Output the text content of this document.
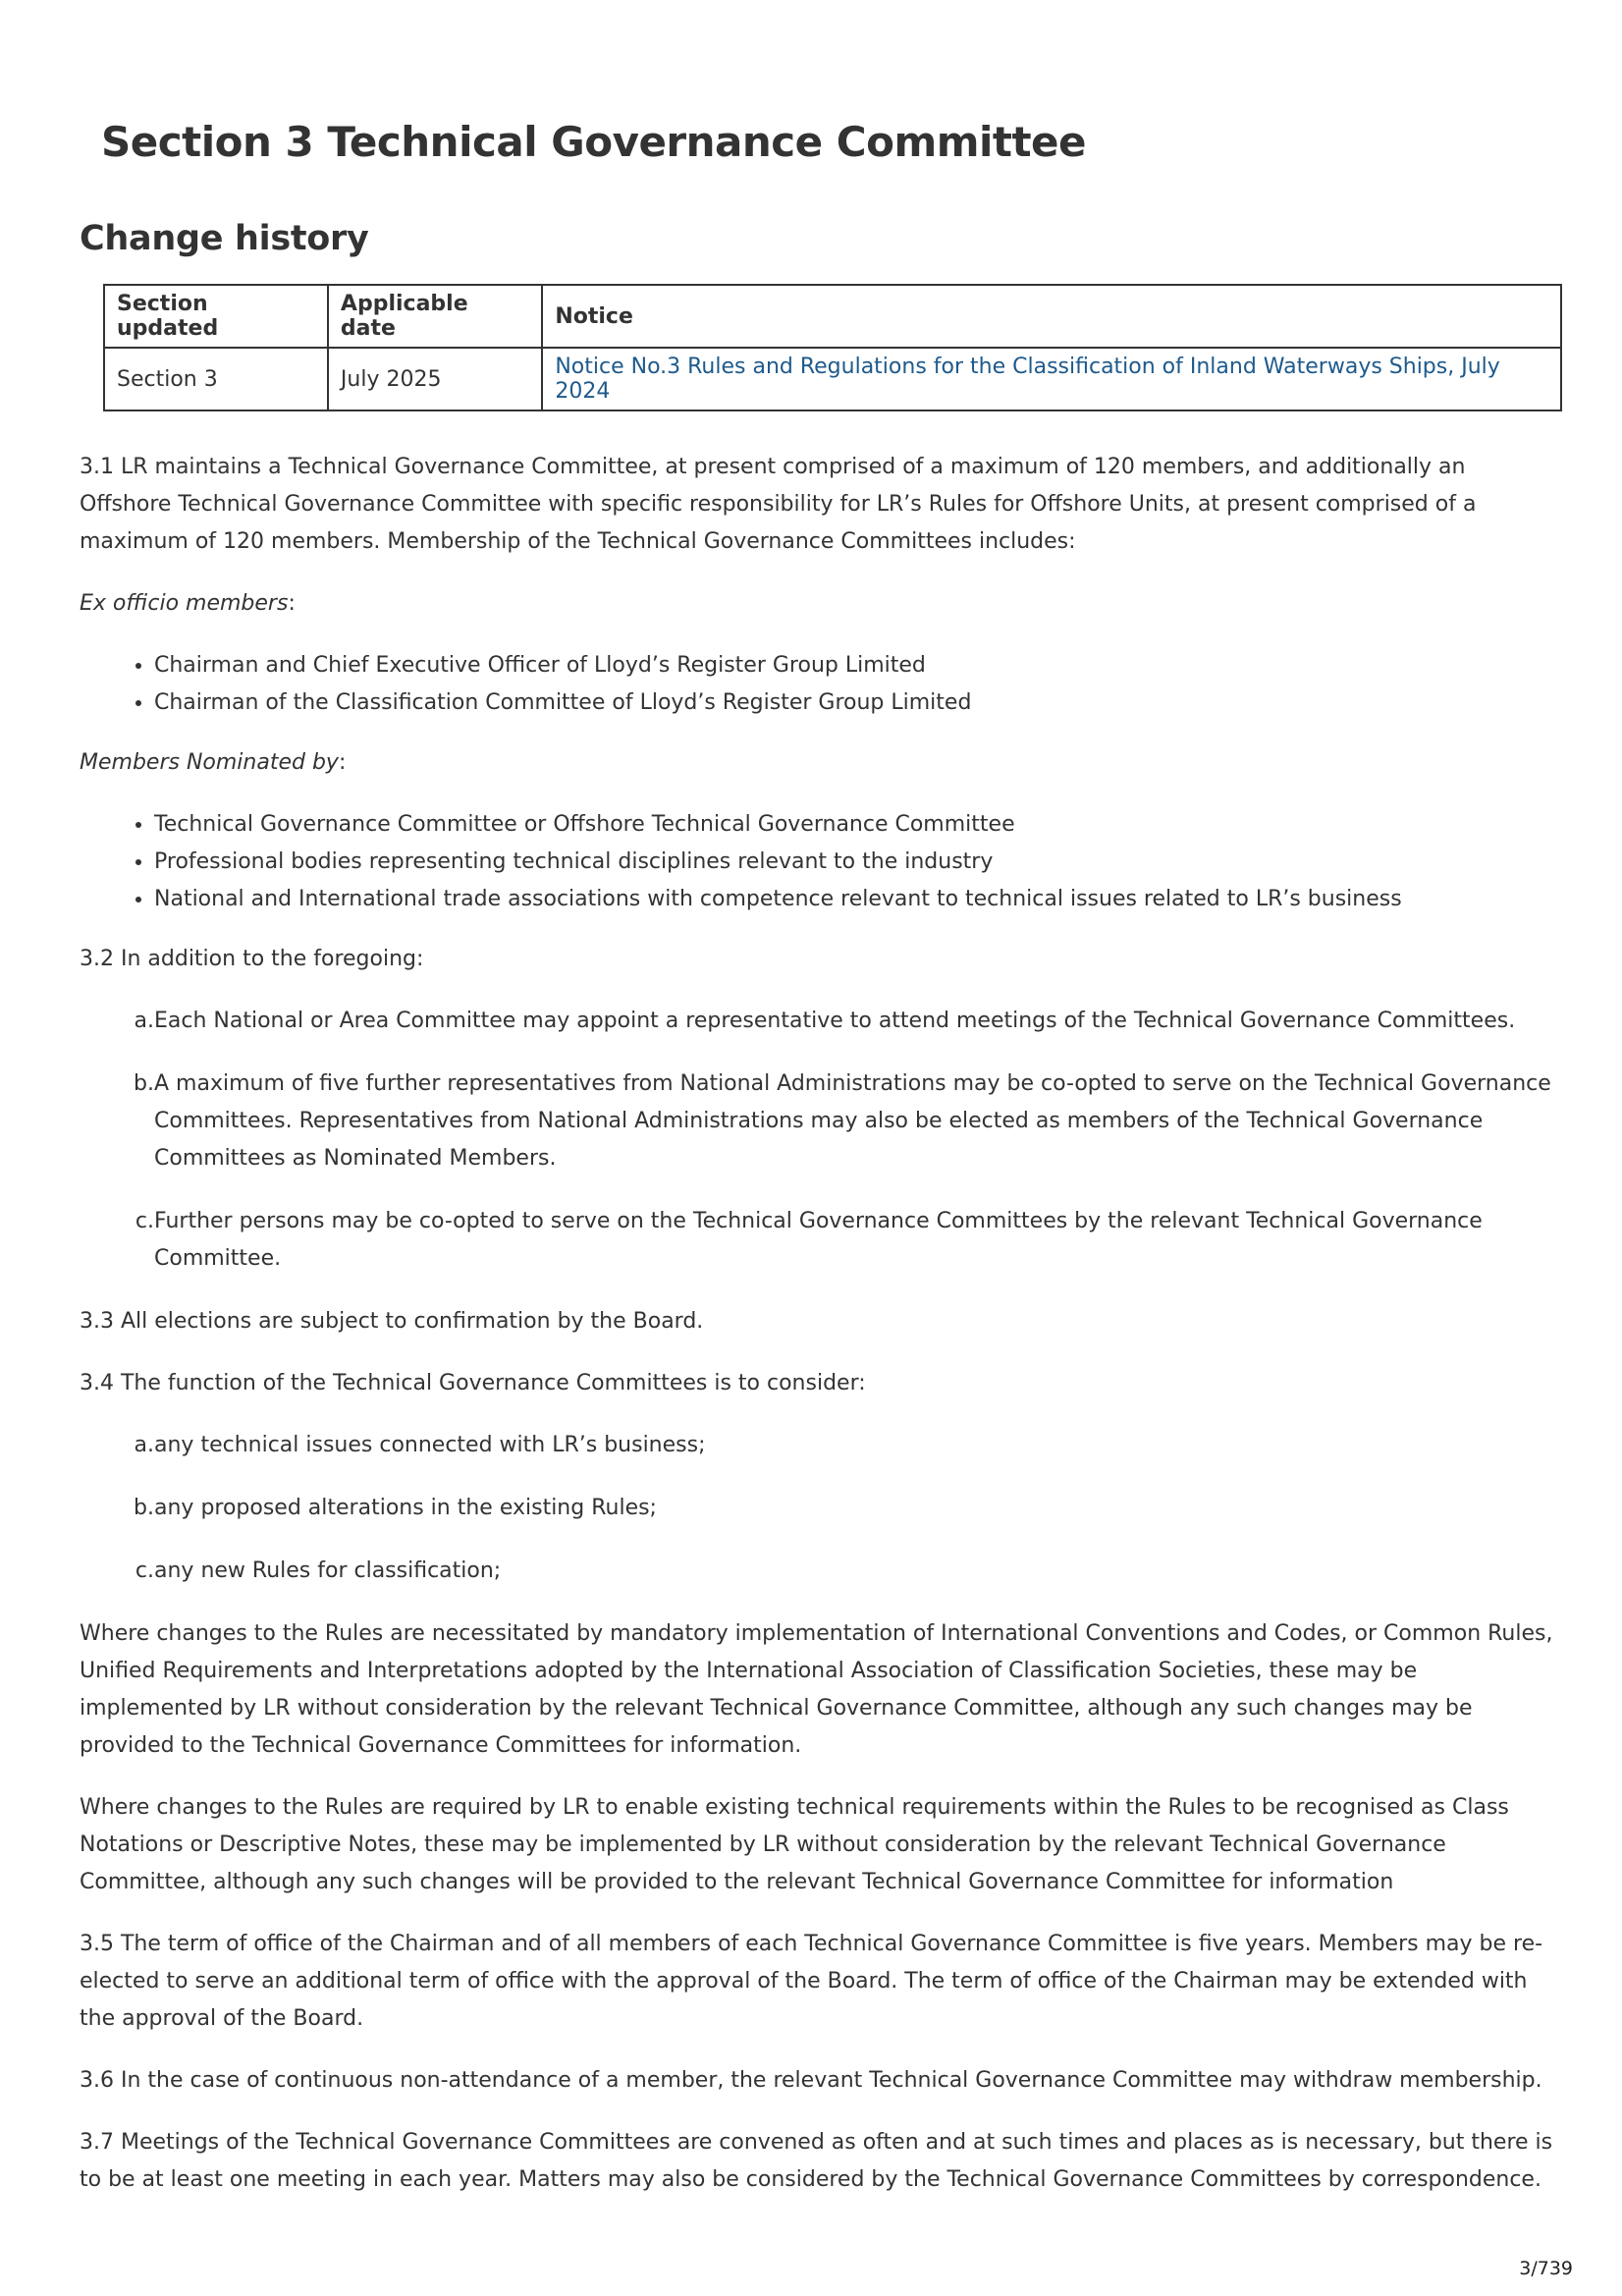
Section 3 Technical Governance Committee
Change history
Section updated	Applicable date	Notice
Section 3	July 2025	Notice No.3 Rules and Regulations for the Classification of Inland Waterways Ships, July 2024

3.1 LR maintains a Technical Governance Committee, at present comprised of a maximum of 120 members, and additionally an Offshore Technical Governance Committee with specific responsibility for LR’s Rules for Offshore Units, at present comprised of a maximum of 120 members. Membership of the Technical Governance Committees includes:

Ex officio members:

• Chairman and Chief Executive Officer of Lloyd’s Register Group Limited
• Chairman of the Classification Committee of Lloyd’s Register Group Limited

Members Nominated by:

• Technical Governance Committee or Offshore Technical Governance Committee
• Professional bodies representing technical disciplines relevant to the industry
• National and International trade associations with competence relevant to technical issues related to LR’s business

3.2 In addition to the foregoing:

a. Each National or Area Committee may appoint a representative to attend meetings of the Technical Governance Committees.
b. A maximum of five further representatives from National Administrations may be co-opted to serve on the Technical Governance Committees. Representatives from National Administrations may also be elected as members of the Technical Governance Committees as Nominated Members.
c. Further persons may be co-opted to serve on the Technical Governance Committees by the relevant Technical Governance Committee.

3.3 All elections are subject to confirmation by the Board.

3.4 The function of the Technical Governance Committees is to consider:

a. any technical issues connected with LR’s business;
b. any proposed alterations in the existing Rules;
c. any new Rules for classification;

Where changes to the Rules are necessitated by mandatory implementation of International Conventions and Codes, or Common Rules, Unified Requirements and Interpretations adopted by the International Association of Classification Societies, these may be implemented by LR without consideration by the relevant Technical Governance Committee, although any such changes may be provided to the Technical Governance Committees for information.

Where changes to the Rules are required by LR to enable existing technical requirements within the Rules to be recognised as Class Notations or Descriptive Notes, these may be implemented by LR without consideration by the relevant Technical Governance Committee, although any such changes will be provided to the relevant Technical Governance Committee for information

3.5 The term of office of the Chairman and of all members of each Technical Governance Committee is five years. Members may be re-elected to serve an additional term of office with the approval of the Board. The term of office of the Chairman may be extended with the approval of the Board.

3.6 In the case of continuous non-attendance of a member, the relevant Technical Governance Committee may withdraw membership.

3.7 Meetings of the Technical Governance Committees are convened as often and at such times and places as is necessary, but there is to be at least one meeting in each year. Matters may also be considered by the Technical Governance Committees by correspondence.

3/739
